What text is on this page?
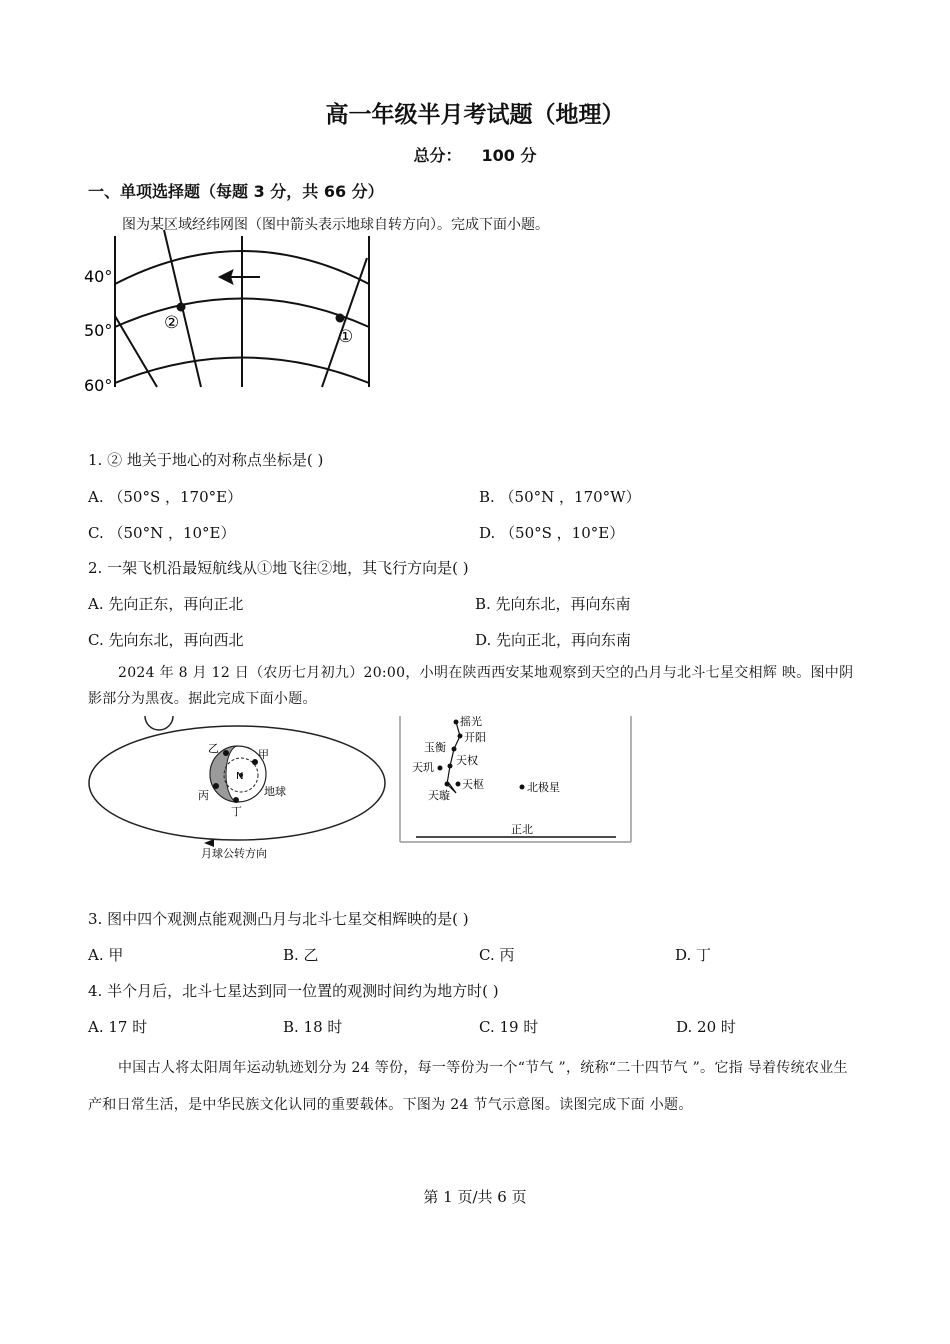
高一年级半月考试题（地理）
总分： 100 分
一、单项选择题（每题 3 分，共 66 分）
图为某区域经纬网图（图中箭头表示地球自转方向）。完成下面小题。
40°
50°
60°
②
①
1. ② 地关于地心的对称点坐标是( )
A. （50°S ，170°E）	B. （50°N ，170°W）
C. （50°N ，10°E）	D. （50°S ，10°E）
2. 一架飞机沿最短航线从①地飞往②地，其飞行方向是( )
A. 先向正东，再向正北	B. 先向东北，再向东南
C. 先向东北，再向西北	D. 先向正北，再向东南
2024 年 8 月 12 日（农历七月初九）20:00，小明在陕西西安某地观察到天空的凸月与北斗七星交相辉 映。图中阴影部分为黑夜。据此完成下面小题。
乙	甲
N
丙
丁
地球
月球公转方向
摇光
开阳
玉衡
天权
天玑
天枢
天璇
北极星
正北
3. 图中四个观测点能观测凸月与北斗七星交相辉映的是( )
A. 甲	B. 乙	C. 丙	D. 丁
4. 半个月后，北斗七星达到同一位置的观测时间约为地方时( )
A. 17 时	B. 18 时	C. 19 时	D. 20 时
中国古人将太阳周年运动轨迹划分为 24 等份，每一等份为一个“节气 ”，统称“二十四节气 ”。它指 导着传统农业生产和日常生活，是中华民族文化认同的重要载体。下图为 24 节气示意图。读图完成下面 小题。
第 1 页/共 6 页
